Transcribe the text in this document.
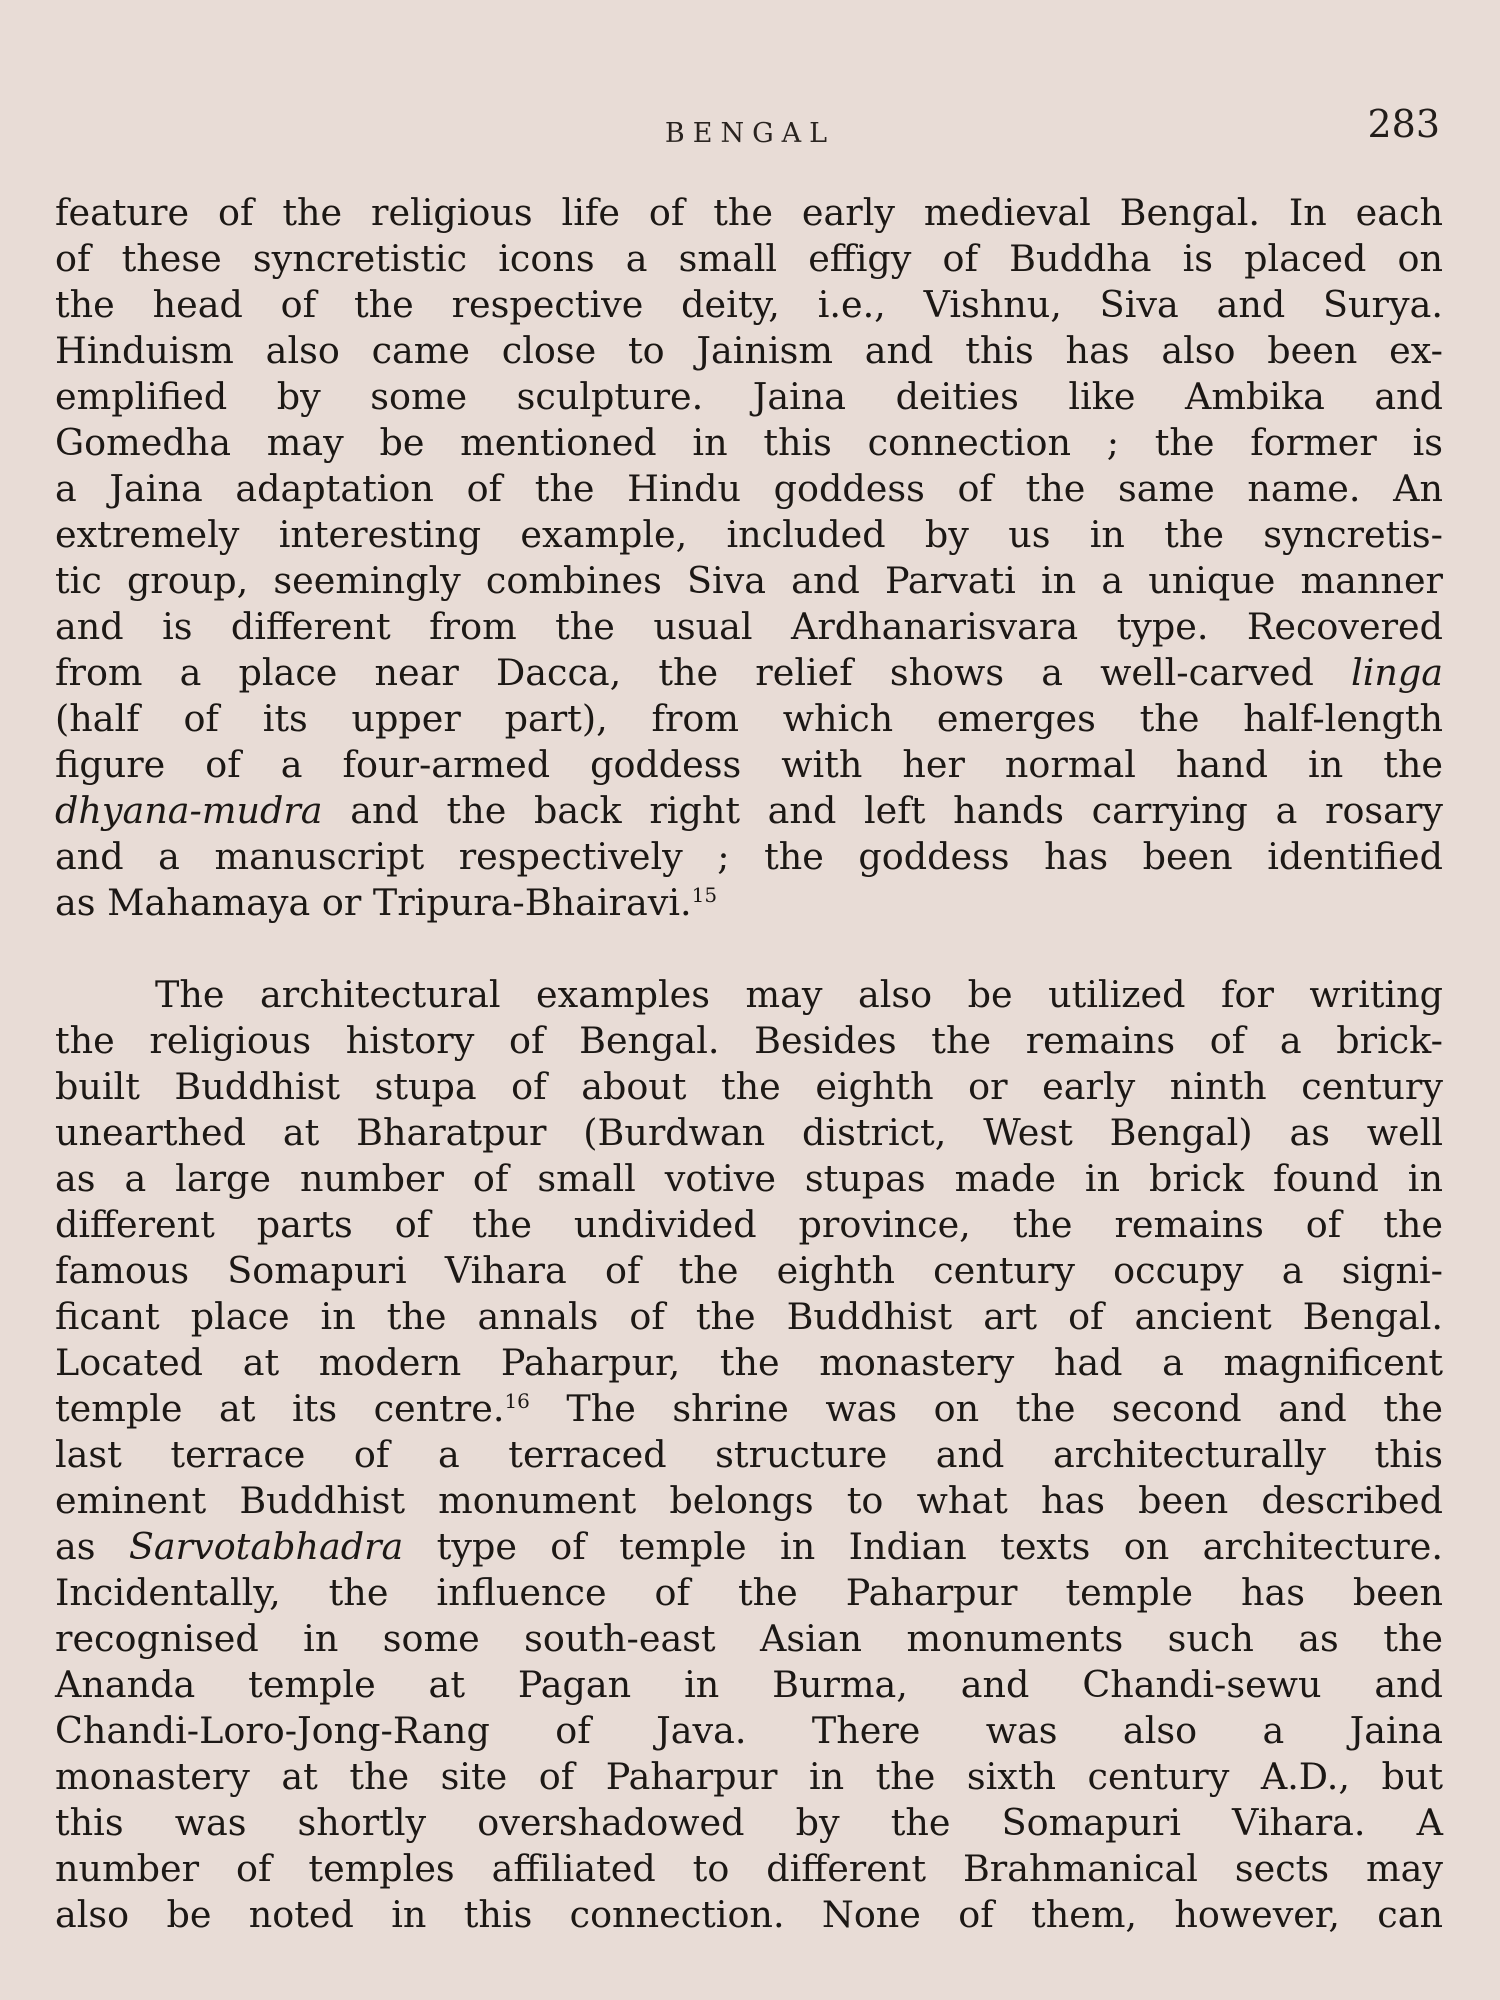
BENGAL	283

feature of the religious life of the early medieval Bengal. In each
of these syncretistic icons a small effigy of Buddha is placed on
the head of the respective deity, i.e., Vishnu, Siva and Surya.
Hinduism also came close to Jainism and this has also been ex-
emplified by some sculpture. Jaina deities like Ambika and
Gomedha may be mentioned in this connection ; the former is
a Jaina adaptation of the Hindu goddess of the same name. An
extremely interesting example, included by us in the syncretis-
tic group, seemingly combines Siva and Parvati in a unique manner
and is different from the usual Ardhanarisvara type. Recovered
from a place near Dacca, the relief shows a well-carved linga
(half of its upper part), from which emerges the half-length
figure of a four-armed goddess with her normal hand in the
dhyana-mudra and the back right and left hands carrying a rosary
and a manuscript respectively ; the goddess has been identified
as Mahamaya or Tripura-Bhairavi.$^{15}$

The architectural examples may also be utilized for writing
the religious history of Bengal. Besides the remains of a brick-
built Buddhist stupa of about the eighth or early ninth century
unearthed at Bharatpur (Burdwan district, West Bengal) as well
as a large number of small votive stupas made in brick found in
different parts of the undivided province, the remains of the
famous Somapuri Vihara of the eighth century occupy a signi-
ficant place in the annals of the Buddhist art of ancient Bengal.
Located at modern Paharpur, the monastery had a magnificent
temple at its centre.$^{16}$ The shrine was on the second and the
last terrace of a terraced structure and architecturally this
eminent Buddhist monument belongs to what has been described
as Sarvotabhadra type of temple in Indian texts on architecture.
Incidentally, the influence of the Paharpur temple has been
recognised in some south-east Asian monuments such as the
Ananda temple at Pagan in Burma, and Chandi-sewu and
Chandi-Loro-Jong-Rang of Java. There was also a Jaina
monastery at the site of Paharpur in the sixth century A.D., but
this was shortly overshadowed by the Somapuri Vihara. A
number of temples affiliated to different Brahmanical sects may
also be noted in this connection. None of them, however, can
